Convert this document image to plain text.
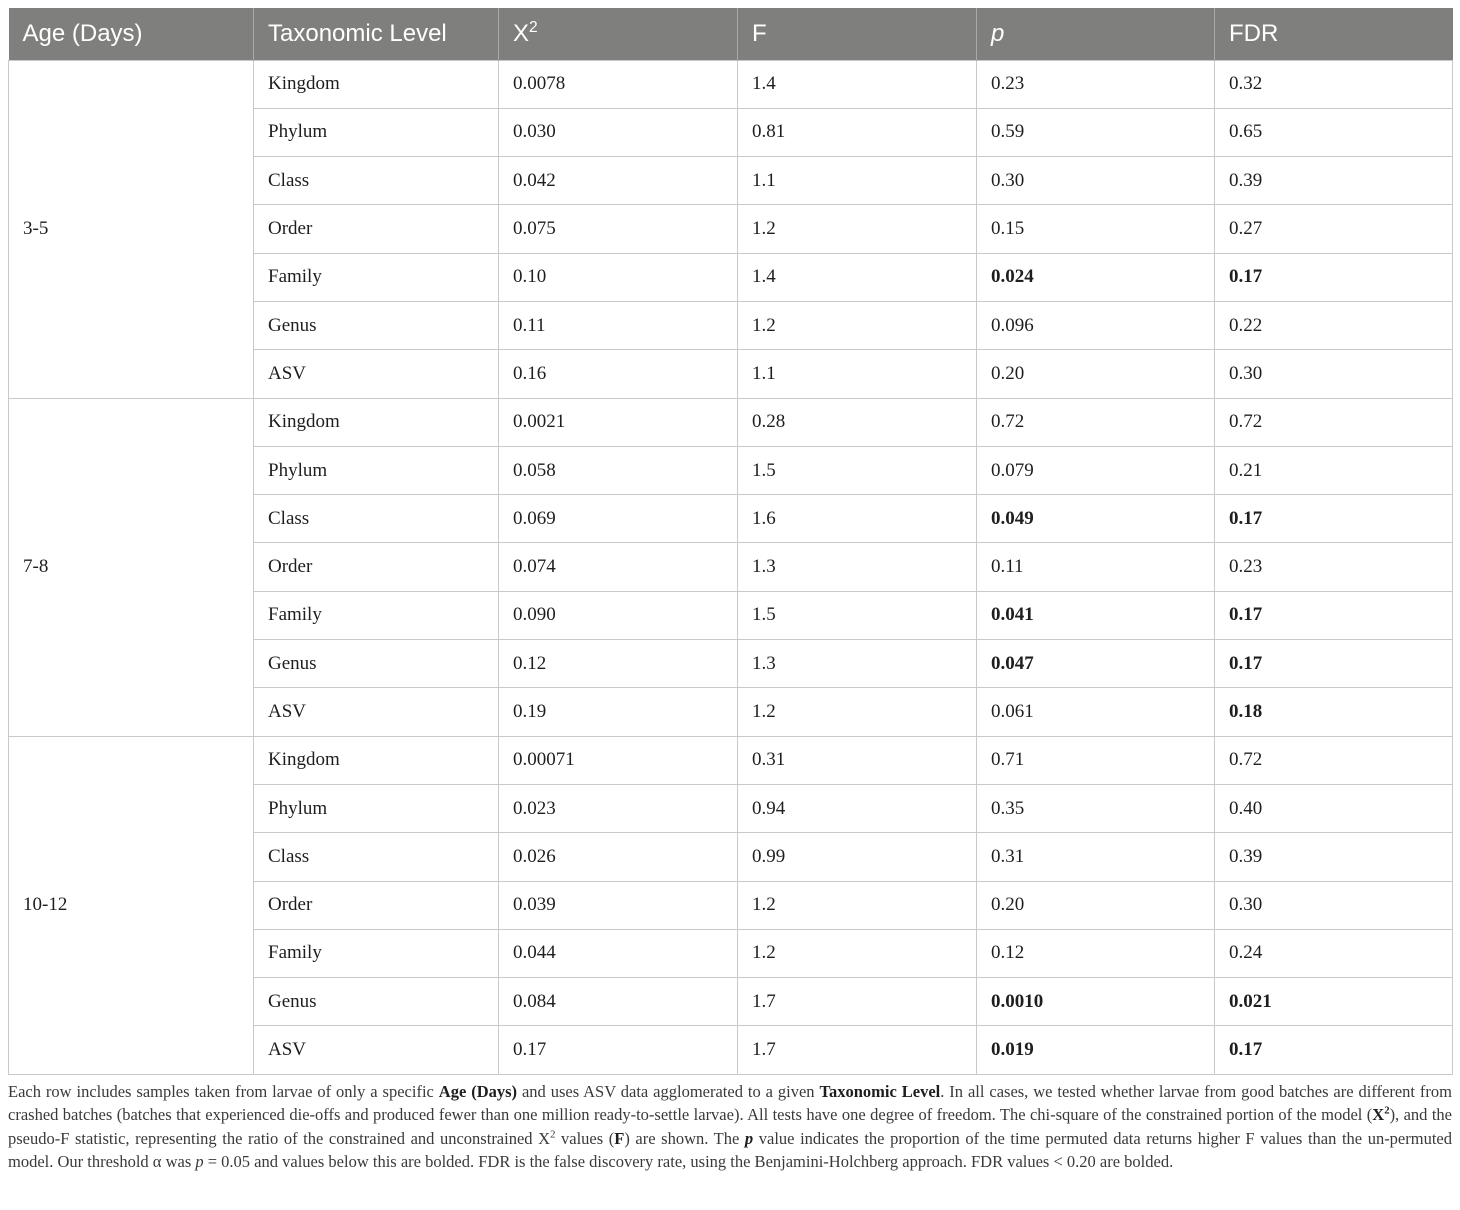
Age (Days)	Taxonomic Level	$X^2$	F	p	FDR
3-5	Kingdom	0.0078	1.4	0.23	0.32
	Phylum	0.030	0.81	0.59	0.65
	Class	0.042	1.1	0.30	0.39
	Order	0.075	1.2	0.15	0.27
	Family	0.10	1.4	0.024	0.17
	Genus	0.11	1.2	0.096	0.22
	ASV	0.16	1.1	0.20	0.30
7-8	Kingdom	0.0021	0.28	0.72	0.72
	Phylum	0.058	1.5	0.079	0.21
	Class	0.069	1.6	0.049	0.17
	Order	0.074	1.3	0.11	0.23
	Family	0.090	1.5	0.041	0.17
	Genus	0.12	1.3	0.047	0.17
	ASV	0.19	1.2	0.061	0.18
10-12	Kingdom	0.00071	0.31	0.71	0.72
	Phylum	0.023	0.94	0.35	0.40
	Class	0.026	0.99	0.31	0.39
	Order	0.039	1.2	0.20	0.30
	Family	0.044	1.2	0.12	0.24
	Genus	0.084	1.7	0.0010	0.021
	ASV	0.17	1.7	0.019	0.17
Each row includes samples taken from larvae of only a specific Age (Days) and uses ASV data agglomerated to a given Taxonomic Level. In all cases, we tested whether larvae from good batches are different from crashed batches (batches that experienced die-offs and produced fewer than one million ready-to-settle larvae). All tests have one degree of freedom. The chi-square of the constrained portion of the model $(X^2)$, and the pseudo-F statistic, representing the ratio of the constrained and unconstrained $X^2$ values (F) are shown. The p value indicates the proportion of the time permuted data returns higher F values than the un-permuted model. Our threshold α was p = 0.05 and values below this are bolded. FDR is the false discovery rate, using the Benjamini-Holchberg approach. FDR values < 0.20 are bolded.
